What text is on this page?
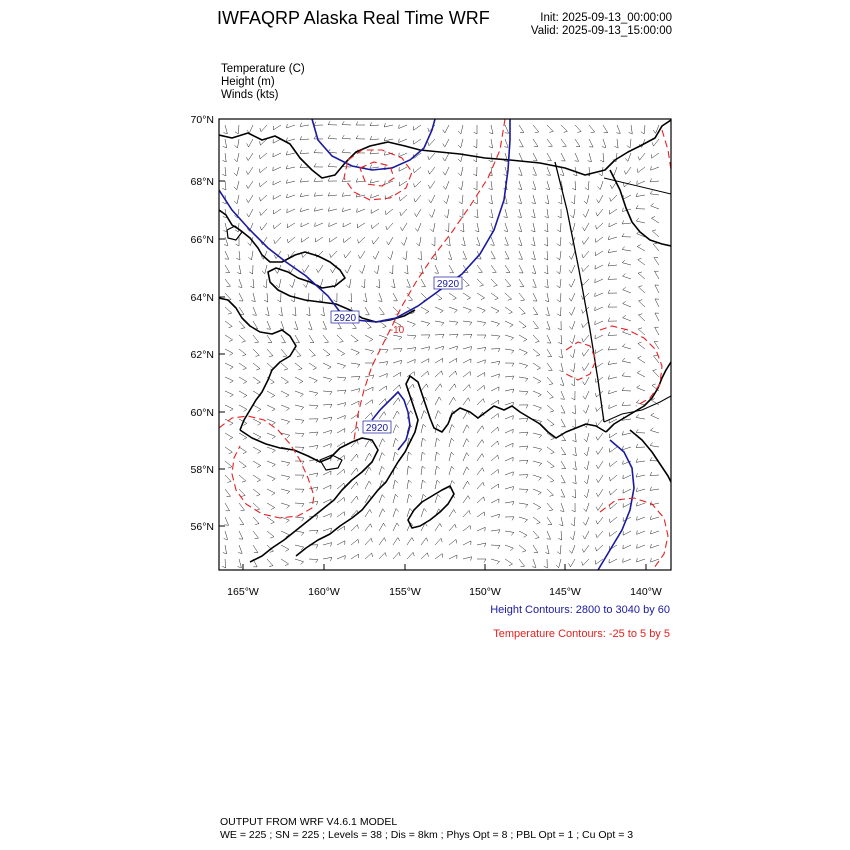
IWFAQRP Alaska Real Time WRF	Init: 2025-09-13_00:00:00
Valid: 2025-09-13_15:00:00
Temperature (C)
Height (m)
Winds (kts)
2920
2920
2920
-10
70°N
68°N
66°N
64°N
62°N
60°N
58°N
56°N
165°W	160°W	155°W	150°W	145°W	140°W
Height Contours: 2800 to 3040 by 60
Temperature Contours: -25 to 5 by 5
OUTPUT FROM WRF V4.6.1 MODEL
WE = 225 ; SN = 225 ; Levels = 38 ; Dis = 8km ; Phys Opt = 8 ; PBL Opt = 1 ; Cu Opt = 3
